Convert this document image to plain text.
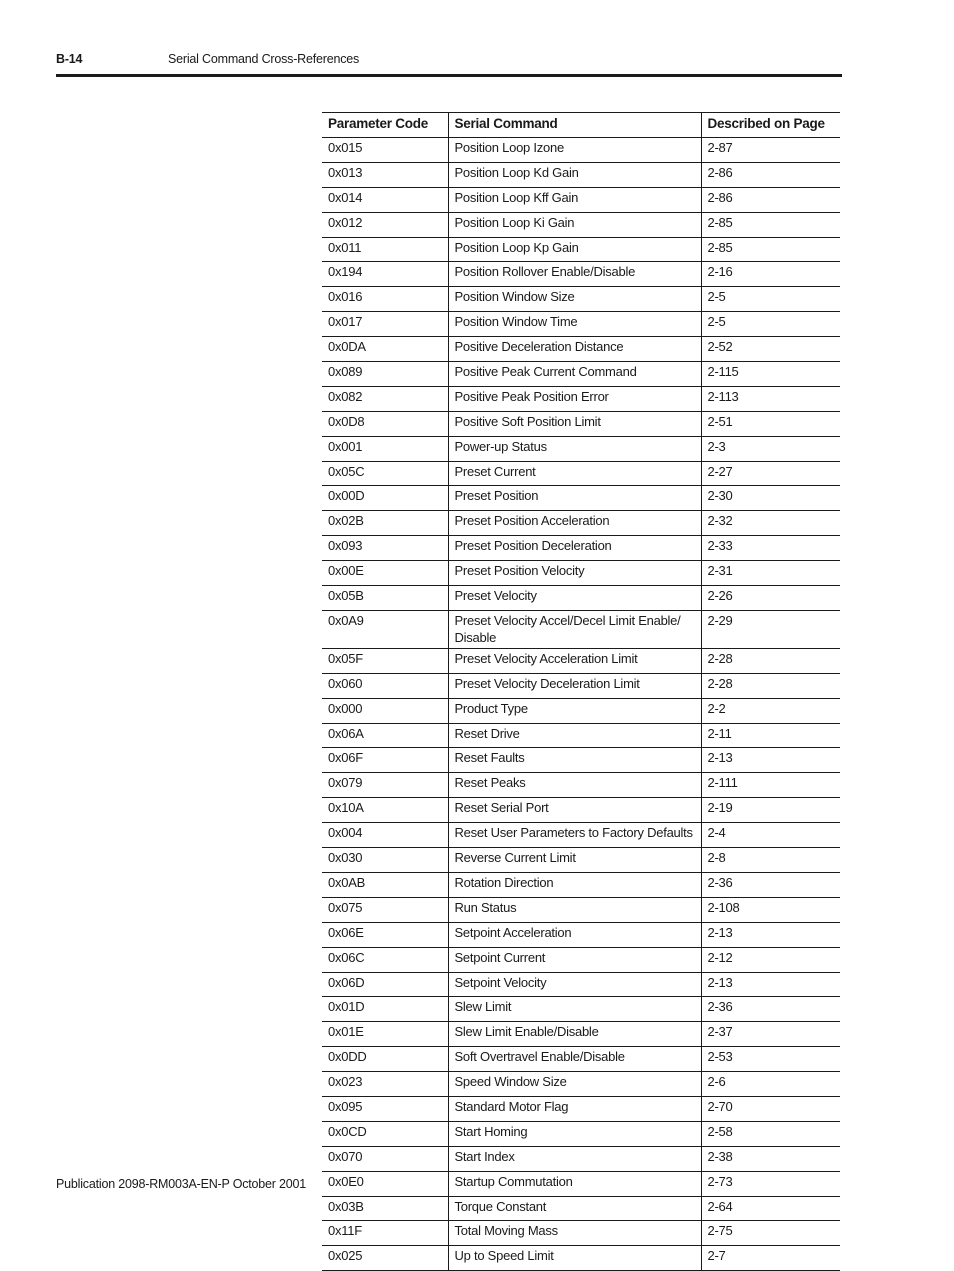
B-14	Serial Command Cross-References
Parameter Code	Serial Command	Described on Page
0x015	Position Loop Izone	2-87
0x013	Position Loop Kd Gain	2-86
0x014	Position Loop Kff Gain	2-86
0x012	Position Loop Ki Gain	2-85
0x011	Position Loop Kp Gain	2-85
0x194	Position Rollover Enable/Disable	2-16
0x016	Position Window Size	2-5
0x017	Position Window Time	2-5
0x0DA	Positive Deceleration Distance	2-52
0x089	Positive Peak Current Command	2-115
0x082	Positive Peak Position Error	2-113
0x0D8	Positive Soft Position Limit	2-51
0x001	Power-up Status	2-3
0x05C	Preset Current	2-27
0x00D	Preset Position	2-30
0x02B	Preset Position Acceleration	2-32
0x093	Preset Position Deceleration	2-33
0x00E	Preset Position Velocity	2-31
0x05B	Preset Velocity	2-26
0x0A9	Preset Velocity Accel/Decel Limit Enable/ Disable	2-29
0x05F	Preset Velocity Acceleration Limit	2-28
0x060	Preset Velocity Deceleration Limit	2-28
0x000	Product Type	2-2
0x06A	Reset Drive	2-11
0x06F	Reset Faults	2-13
0x079	Reset Peaks	2-111
0x10A	Reset Serial Port	2-19
0x004	Reset User Parameters to Factory Defaults	2-4
0x030	Reverse Current Limit	2-8
0x0AB	Rotation Direction	2-36
0x075	Run Status	2-108
0x06E	Setpoint Acceleration	2-13
0x06C	Setpoint Current	2-12
0x06D	Setpoint Velocity	2-13
0x01D	Slew Limit	2-36
0x01E	Slew Limit Enable/Disable	2-37
0x0DD	Soft Overtravel Enable/Disable	2-53
0x023	Speed Window Size	2-6
0x095	Standard Motor Flag	2-70
0x0CD	Start Homing	2-58
0x070	Start Index	2-38
0x0E0	Startup Commutation	2-73
0x03B	Torque Constant	2-64
0x11F	Total Moving Mass	2-75
0x025	Up to Speed Limit	2-7
Publication 2098-RM003A-EN-P October 2001
